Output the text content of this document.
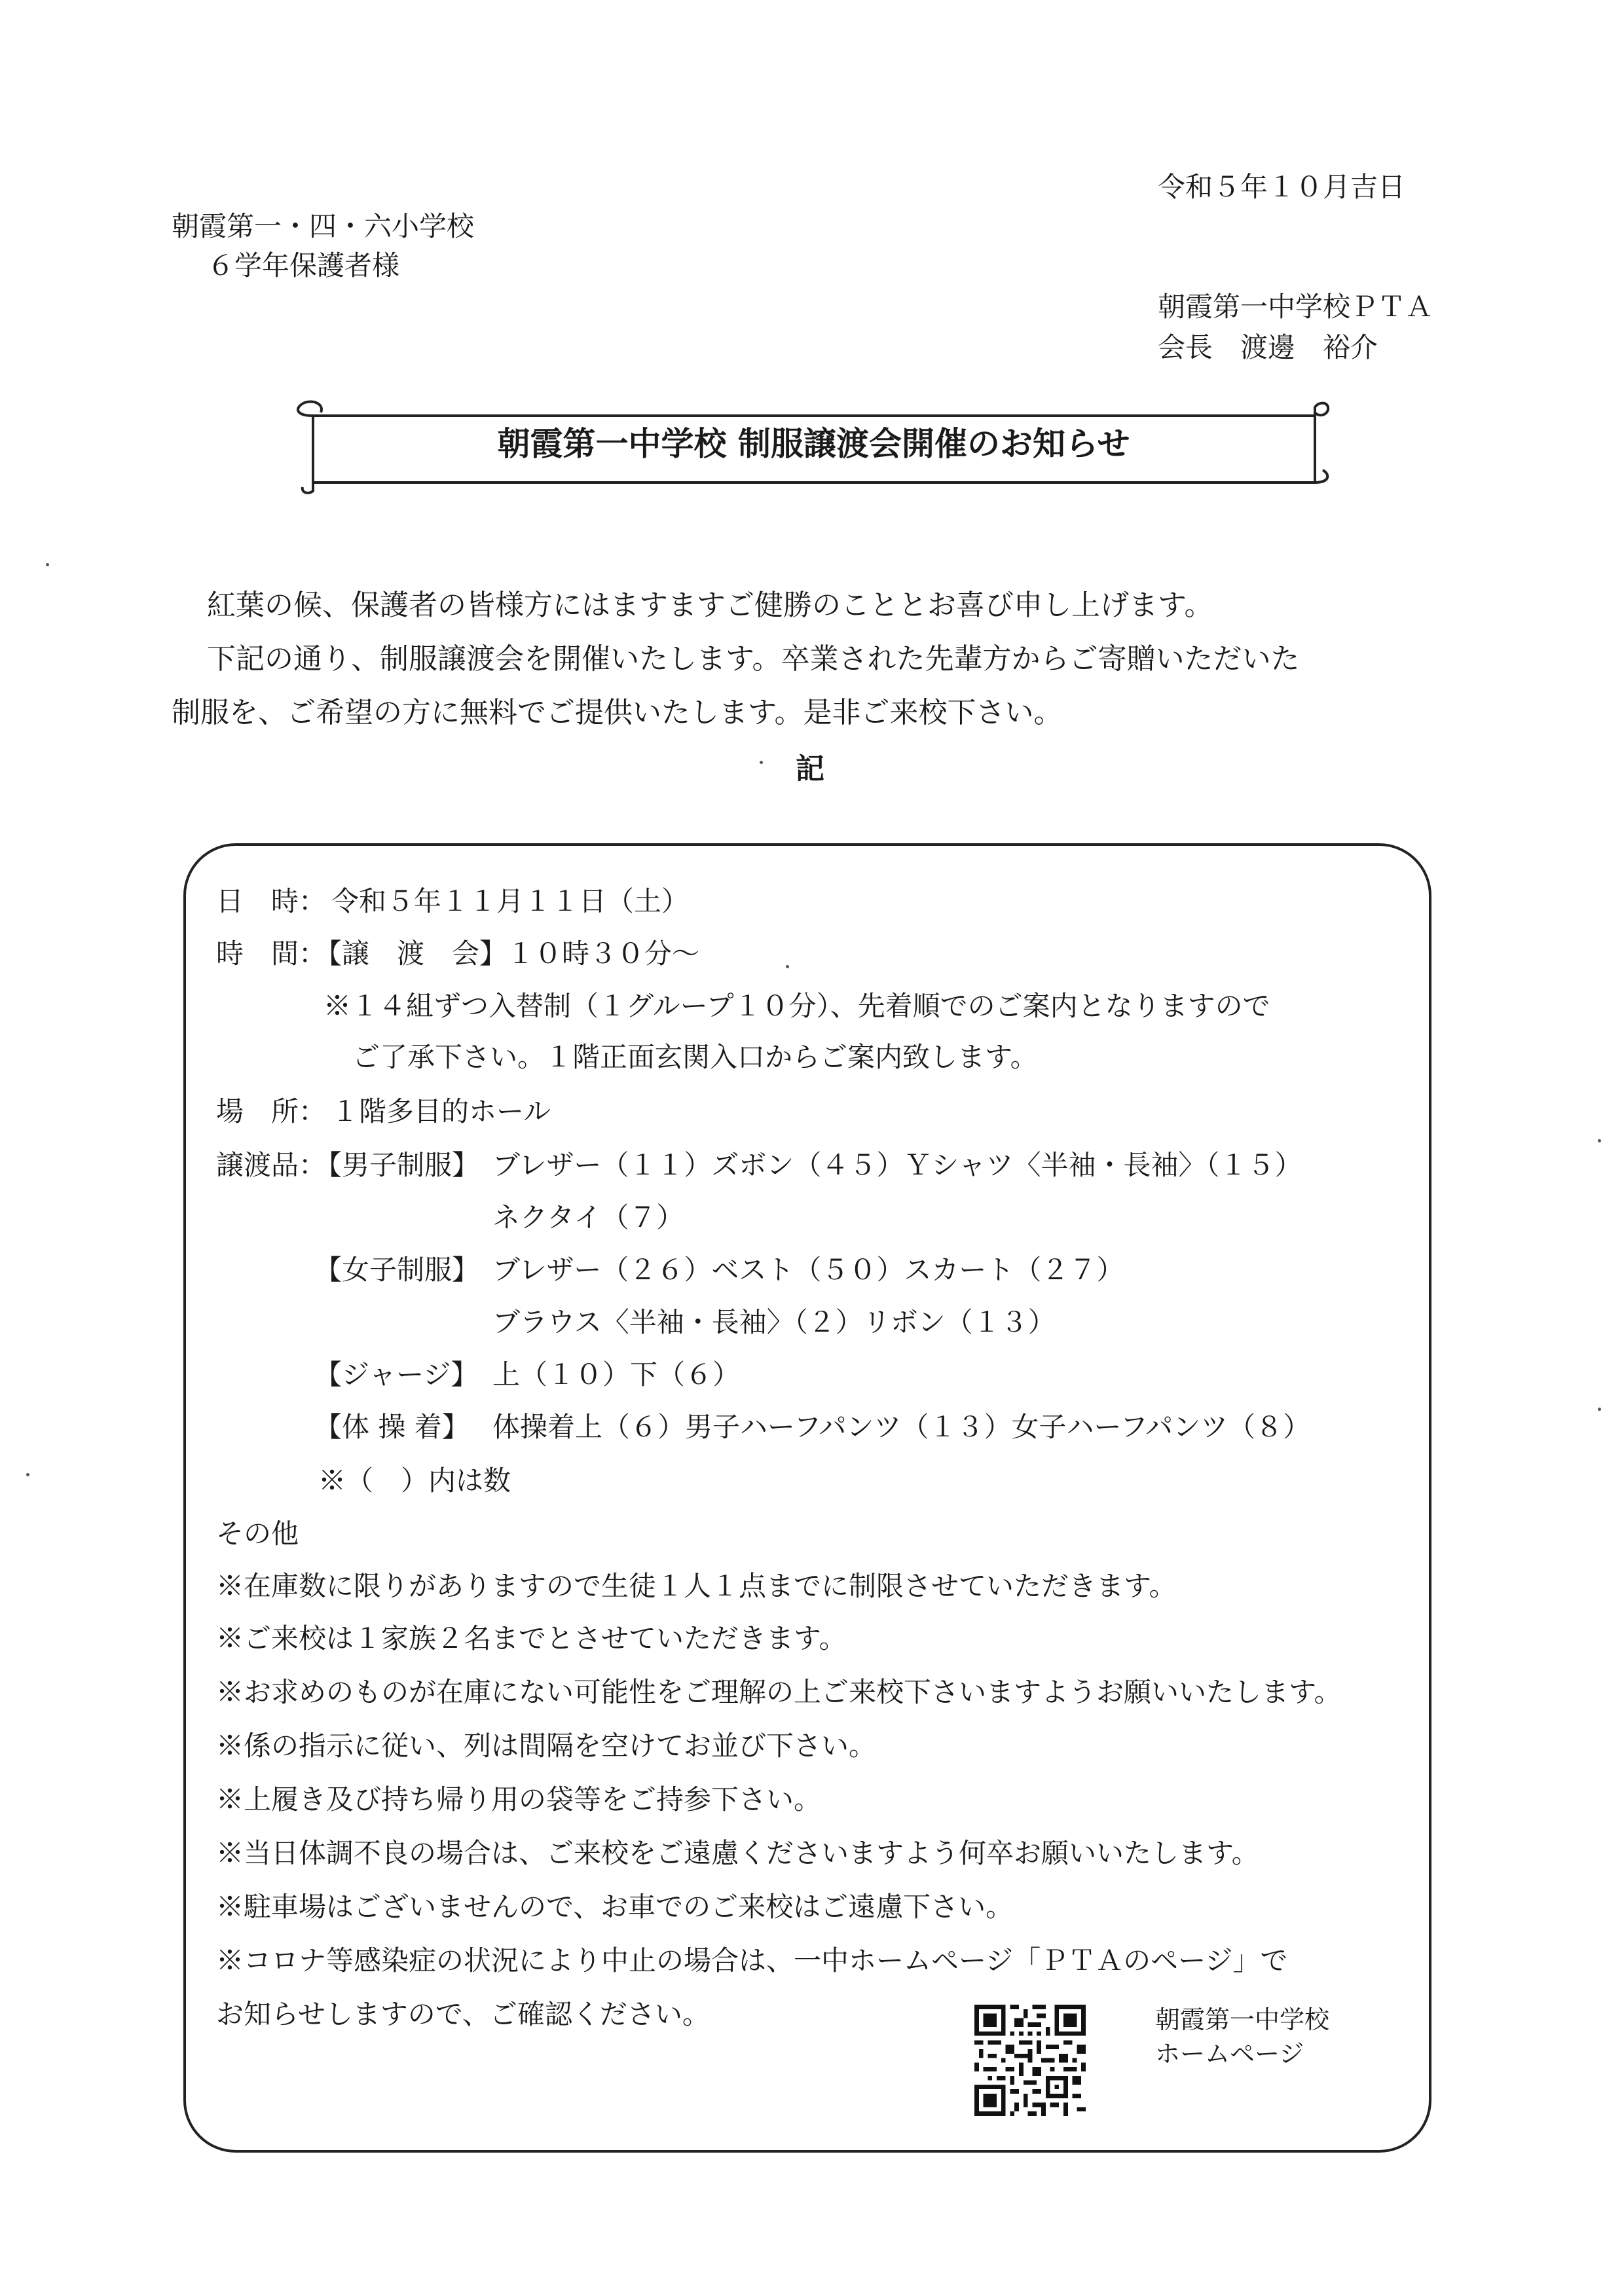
令和５年１０月吉日
朝霞第一・四・六小学校
６学年保護者様
朝霞第一中学校ＰＴＡ
会長　渡邊　裕介
朝霞第一中学校 制服譲渡会開催のお知らせ
紅葉の候、保護者の皆様方にはますますご健勝のこととお喜び申し上げます。
下記の通り、制服譲渡会を開催いたします。卒業された先輩方からご寄贈いただいた
制服を、ご希望の方に無料でご提供いたします。是非ご来校下さい。
記
日　時： 令和５年１１月１１日（土）
時　間：
【譲　渡　会】１０時３０分～
※１４組ずつ入替制（１グループ１０分）、先着順でのご案内となりますので
ご了承下さい。１階正面玄関入口からご案内致します。
場　所： １階多目的ホール
譲渡品：
【男子制服】 ブレザー（１１）ズボン（４５）Ｙシャツ〈半袖・長袖〉（１５）
ネクタイ（７）
【女子制服】 ブレザー（２６）ベスト（５０）スカート（２７）
ブラウス〈半袖・長袖〉（２）リボン（１３）
【ジャージ】 上（１０）下（６）
【体 操 着】 体操着上（６）男子ハーフパンツ（１３）女子ハーフパンツ（８）
※（　）内は数
その他
※在庫数に限りがありますので生徒１人１点までに制限させていただきます。
※ご来校は１家族２名までとさせていただきます。
※お求めのものが在庫にない可能性をご理解の上ご来校下さいますようお願いいたします。
※係の指示に従い、列は間隔を空けてお並び下さい。
※上履き及び持ち帰り用の袋等をご持参下さい。
※当日体調不良の場合は、ご来校をご遠慮くださいますよう何卒お願いいたします。
※駐車場はございませんので、お車でのご来校はご遠慮下さい。
※コロナ等感染症の状況により中止の場合は、一中ホームページ「ＰＴＡのページ」で
お知らせしますので、ご確認ください。	朝霞第一中学校
ホームページ
